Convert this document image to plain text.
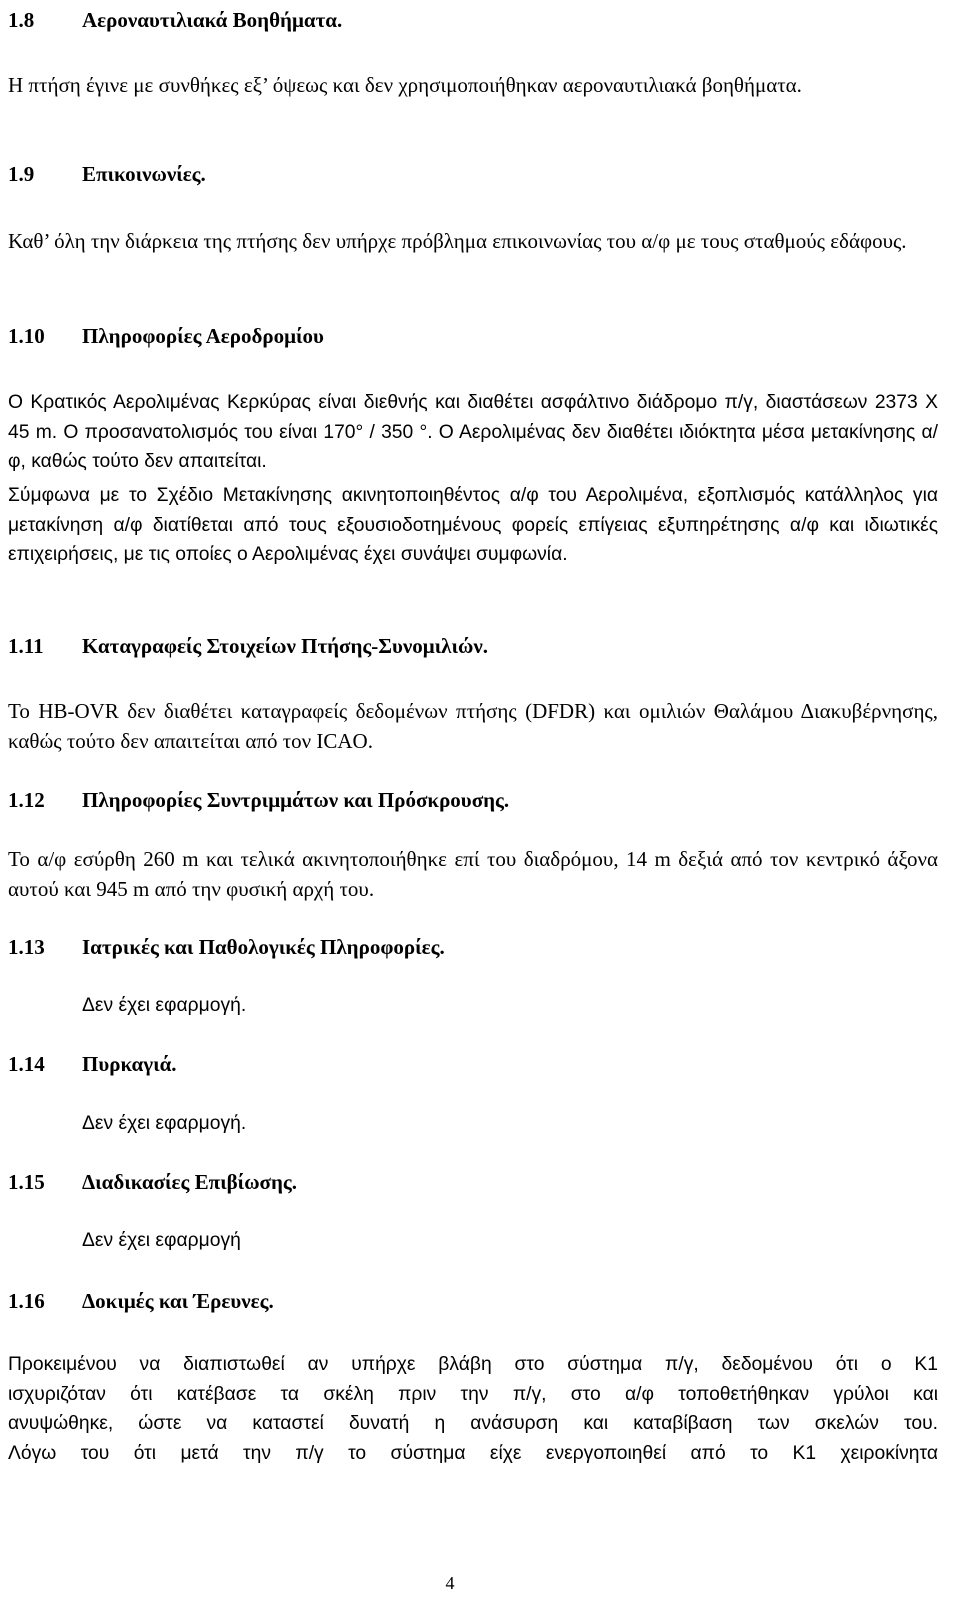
1.8 Αεροναυτιλιακά Βοηθήματα.
Η πτήση έγινε με συνθήκες εξ’ όψεως και δεν χρησιμοποιήθηκαν αεροναυτιλιακά βοηθήματα.
1.9 Επικοινωνίες.
Καθ’ όλη την διάρκεια της πτήσης δεν υπήρχε πρόβλημα επικοινωνίας του α/φ με τους σταθμούς εδάφους.
1.10 Πληροφορίες Αεροδρομίου
Ο Κρατικός Αερολιμένας Κερκύρας είναι διεθνής και διαθέτει ασφάλτινο διάδρομο π/γ, διαστάσεων 2373 Χ 45 m. Ο προσανατολισμός του είναι 170° / 350 °. Ο Αερολιμένας δεν διαθέτει ιδιόκτητα μέσα μετακίνησης α/φ, καθώς τούτο δεν απαιτείται.
Σύμφωνα με το Σχέδιο Μετακίνησης ακινητοποιηθέντος α/φ του Αερολιμένα, εξοπλισμός κατάλληλος για μετακίνηση α/φ διατίθεται από τους εξουσιοδοτημένους φορείς επίγειας εξυπηρέτησης α/φ και ιδιωτικές επιχειρήσεις, με τις οποίες ο Αερολιμένας έχει συνάψει συμφωνία.
1.11 Καταγραφείς Στοιχείων Πτήσης-Συνομιλιών.
Το HB-OVR δεν διαθέτει καταγραφείς δεδομένων πτήσης (DFDR) και ομιλιών Θαλάμου Διακυβέρνησης, καθώς τούτο δεν απαιτείται από τον ICAO.
1.12 Πληροφορίες Συντριμμάτων και Πρόσκρουσης.
Το α/φ εσύρθη 260 m και τελικά ακινητοποιήθηκε επί του διαδρόμου, 14 m δεξιά από τον κεντρικό άξονα αυτού και 945 m από την φυσική αρχή του.
1.13 Ιατρικές και Παθολογικές Πληροφορίες.
Δεν έχει εφαρμογή.
1.14 Πυρκαγιά.
Δεν έχει εφαρμογή.
1.15 Διαδικασίες Επιβίωσης.
Δεν έχει εφαρμογή
1.16 Δοκιμές και Έρευνες.
Προκειμένου να διαπιστωθεί αν υπήρχε βλάβη στο σύστημα π/γ, δεδομένου ότι ο Κ1
ισχυριζόταν ότι κατέβασε τα σκέλη πριν την π/γ, στο α/φ τοποθετήθηκαν γρύλοι και
ανυψώθηκε, ώστε να καταστεί δυνατή η ανάσυρση και καταβίβαση των σκελών του.
Λόγω του ότι μετά την π/γ το σύστημα είχε ενεργοποιηθεί από το Κ1 χειροκίνητα
4
